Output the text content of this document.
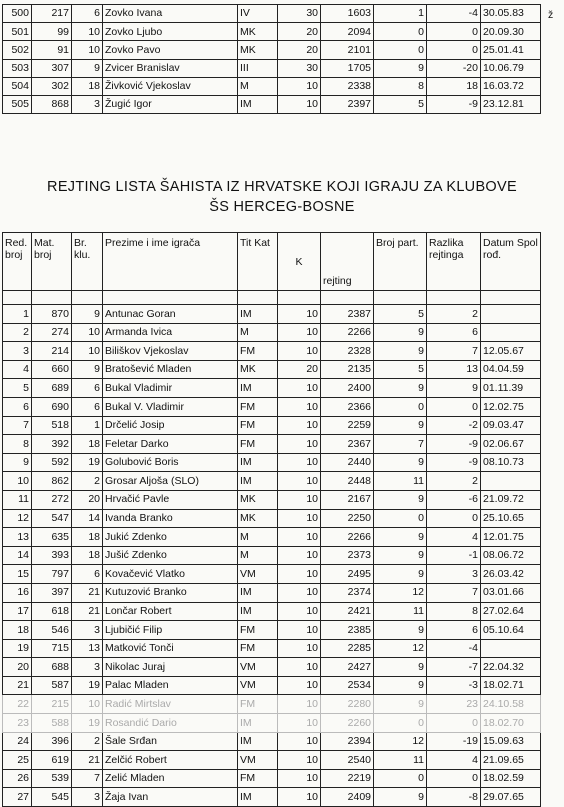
500	217	6	Zovko Ivana	IV	30	1603	1	-4	30.05.83
501	99	10	Zovko Ljubo	MK	20	2094	0	0	20.09.30
502	91	10	Zovko Pavo	MK	20	2101	0	0	25.01.41
503	307	9	Zvicer Branislav	III	30	1705	9	-20	10.06.79
504	302	18	Živković Vjekoslav	M	10	2338	8	18	16.03.72
505	868	3	Žugić Igor	IM	10	2397	5	-9	23.12.81
ž
REJTING LISTA ŠAHISTA IZ HRVATSKE KOJI IGRAJU ZA KLUBOVE
ŠS HERCEG-BOSNE
Red. broj	Mat. broj	Br. klu.	Prezime i ime igrača	Tit Kat	K	rejting	Broj part.	Razlika rejtinga	Datum Spol rođ.

1	870	9	Antunac Goran	IM	10	2387	5	2	
2	274	10	Armanda Ivica	M	10	2266	9	6	
3	214	10	Biliškov Vjekoslav	FM	10	2328	9	7	12.05.67
4	660	9	Bratošević Mladen	MK	20	2135	5	13	04.04.59
5	689	6	Bukal Vladimir	IM	10	2400	9	9	01.11.39
6	690	6	Bukal V. Vladimir	FM	10	2366	0	0	12.02.75
7	518	1	Drčelić Josip	FM	10	2259	9	-2	09.03.47
8	392	18	Feletar Darko	FM	10	2367	7	-9	02.06.67
9	592	19	Golubović Boris	IM	10	2440	9	-9	08.10.73
10	862	2	Grosar Aljoša (SLO)	IM	10	2448	11	2	
11	272	20	Hrvačić Pavle	MK	10	2167	9	-6	21.09.72
12	547	14	Ivanda Branko	MK	10	2250	0	0	25.10.65
13	635	18	Jukić Zdenko	M	10	2266	9	4	12.01.75
14	393	18	Jušić Zdenko	M	10	2373	9	-1	08.06.72
15	797	6	Kovačević Vlatko	VM	10	2495	9	3	26.03.42
16	397	21	Kutuzović Branko	IM	10	2374	12	7	03.01.66
17	618	21	Lončar Robert	IM	10	2421	11	8	27.02.64
18	546	3	Ljubičić Filip	FM	10	2385	9	6	05.10.64
19	715	13	Matković Tonči	FM	10	2285	12	-4	
20	688	3	Nikolac Juraj	VM	10	2427	9	-7	22.04.32
21	587	19	Palac Mladen	VM	10	2534	9	-3	18.02.71
22	215	10	Radić Mirtslav	FM	10	2280	9	23	24.10.58
23	588	19	Rosandić Dario	IM	10	2260	0	0	18.02.70
24	396	2	Šale Srđan	IM	10	2394	12	-19	15.09.63
25	619	21	Zelčić Robert	VM	10	2540	11	4	21.09.65
26	539	7	Zelić Mladen	FM	10	2219	0	0	18.02.59
27	545	3	Žaja Ivan	IM	10	2409	9	-8	29.07.65
